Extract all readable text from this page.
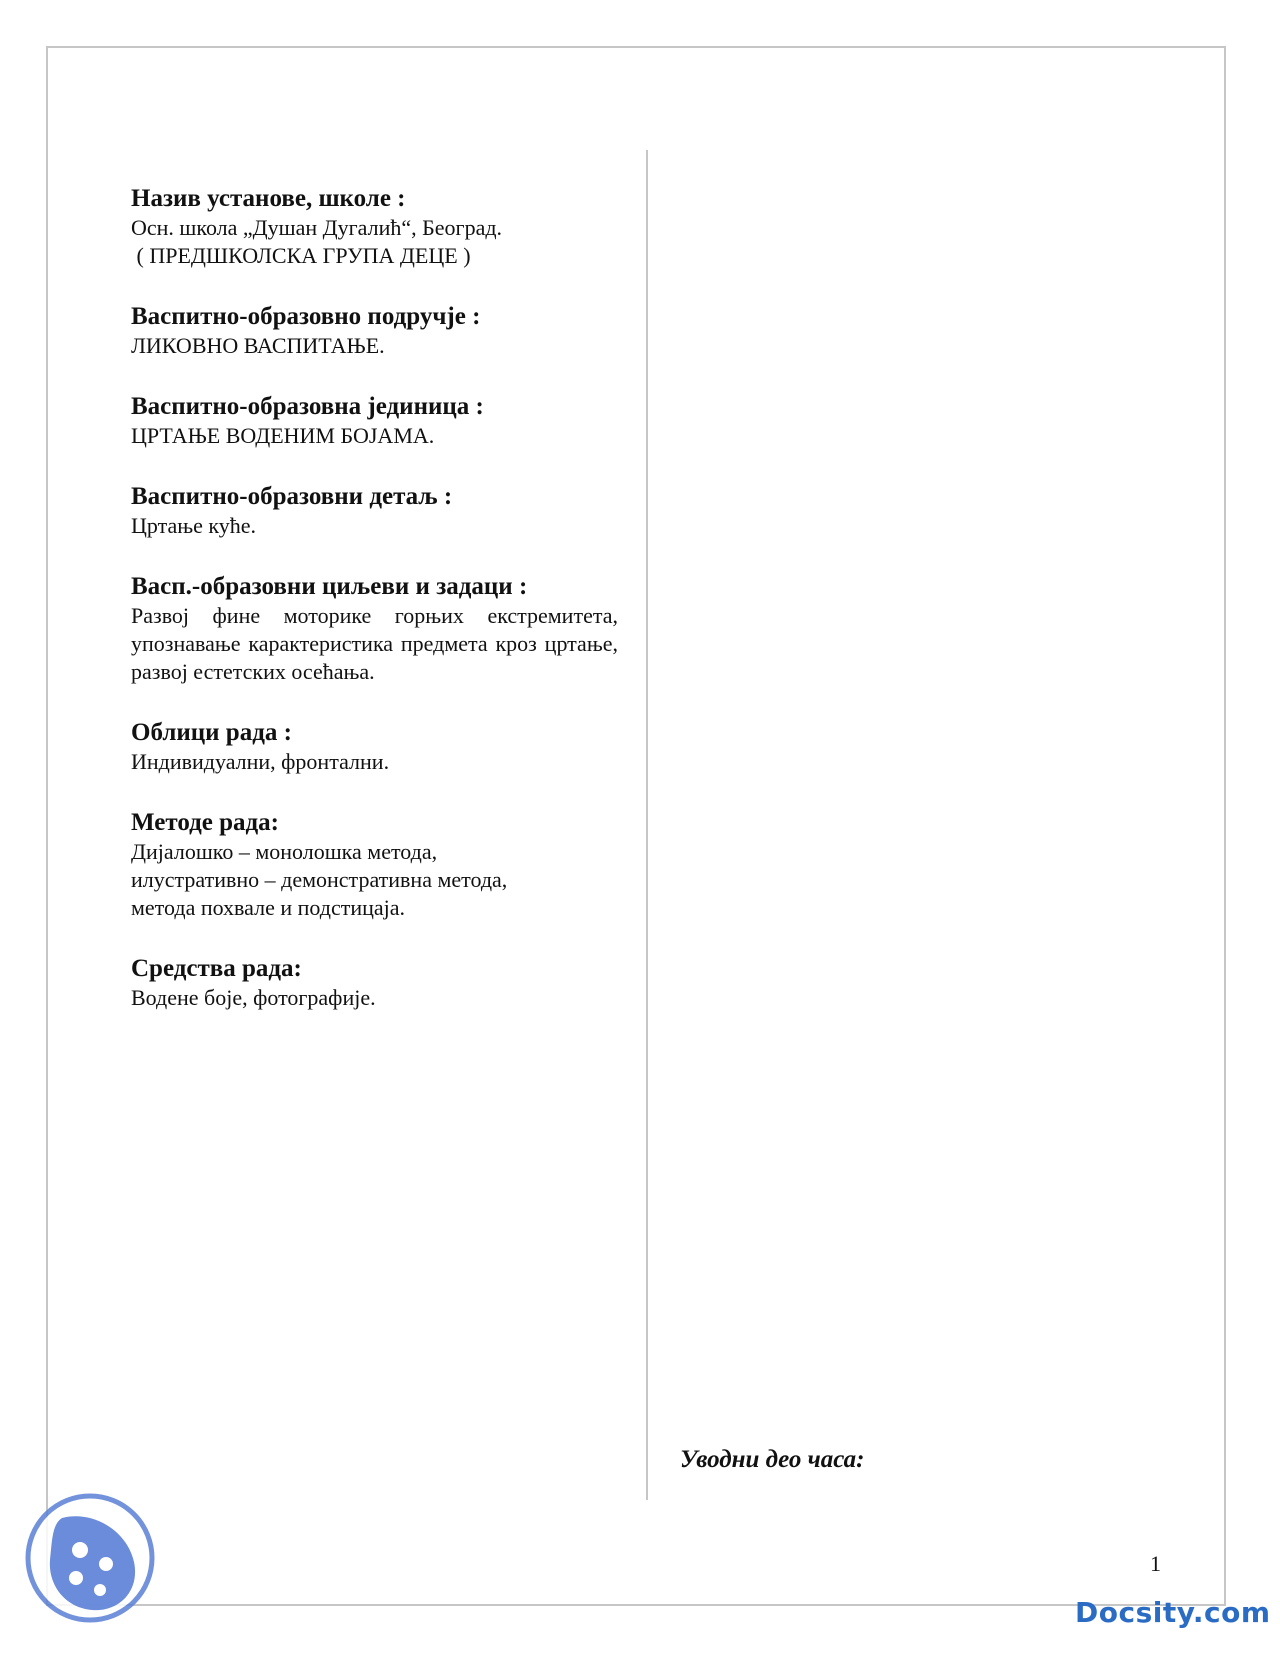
Назив установе, школе :

Осн. школа „Душан Дугалић“, Београд.
( ПРЕДШКОЛСКА ГРУПА ДЕЦЕ )

Васпитно-образовно подручје :

ЛИКОВНО ВАСПИТАЊЕ.

Васпитно-образовна јединица :

ЦРТАЊЕ ВОДЕНИМ БОЈАМА.

Васпитно-образовни детаљ :

Цртање куће.

Васп.-образовни циљеви и задаци :

Развој фине моторике горњих екстремитета, упознавање карактеристика предмета кроз цртање, развој естетских осећања.

Облици рада :

Индивидуални, фронтални.

Методе рада:

Дијалошко – монолошка метода,
илустративно – демонстративна метода,
метода похвале и подстицаја.

Средства рада:

Водене боје, фотографије.

Уводни део часа:
1
Docsity.com
